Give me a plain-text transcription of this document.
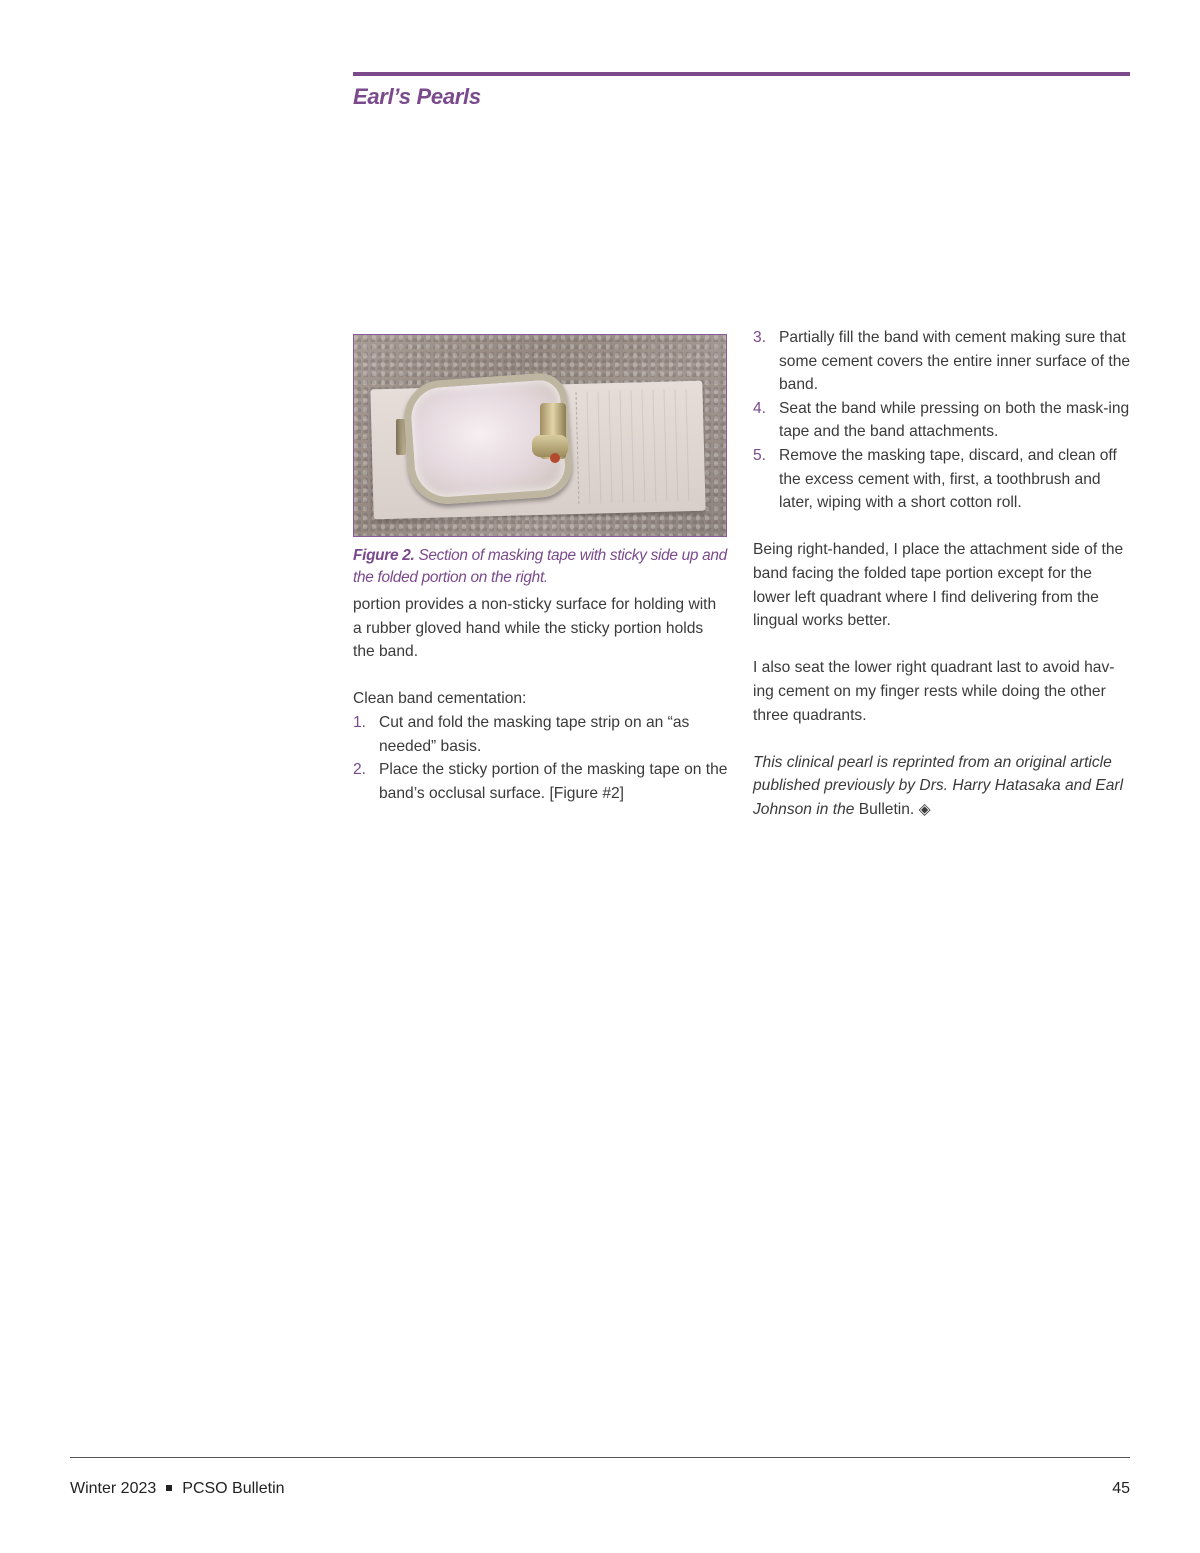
Earl’s Pearls
Figure 2. Section of masking tape with sticky side up and the folded portion on the right.

portion provides a non-sticky surface for holding with a rubber gloved hand while the sticky portion holds the band.

Clean band cementation:

1. Cut and fold the masking tape strip on an “as needed” basis.
2. Place the sticky portion of the masking tape on the band’s occlusal surface. [Figure #2]
3. Partially fill the band with cement making sure that some cement covers the entire inner surface of the band.
4. Seat the band while pressing on both the mask-ing tape and the band attachments.
5. Remove the masking tape, discard, and clean off the excess cement with, first, a toothbrush and later, wiping with a short cotton roll.

Being right-handed, I place the attachment side of the band facing the folded tape portion except for the lower left quadrant where I find delivering from the lingual works better.

I also seat the lower right quadrant last to avoid hav-ing cement on my finger rests while doing the other three quadrants.

This clinical pearl is reprinted from an original article published previously by Drs. Harry Hatasaka and Earl Johnson in the Bulletin. ◈

Winter 2023 PCSO Bulletin	45
